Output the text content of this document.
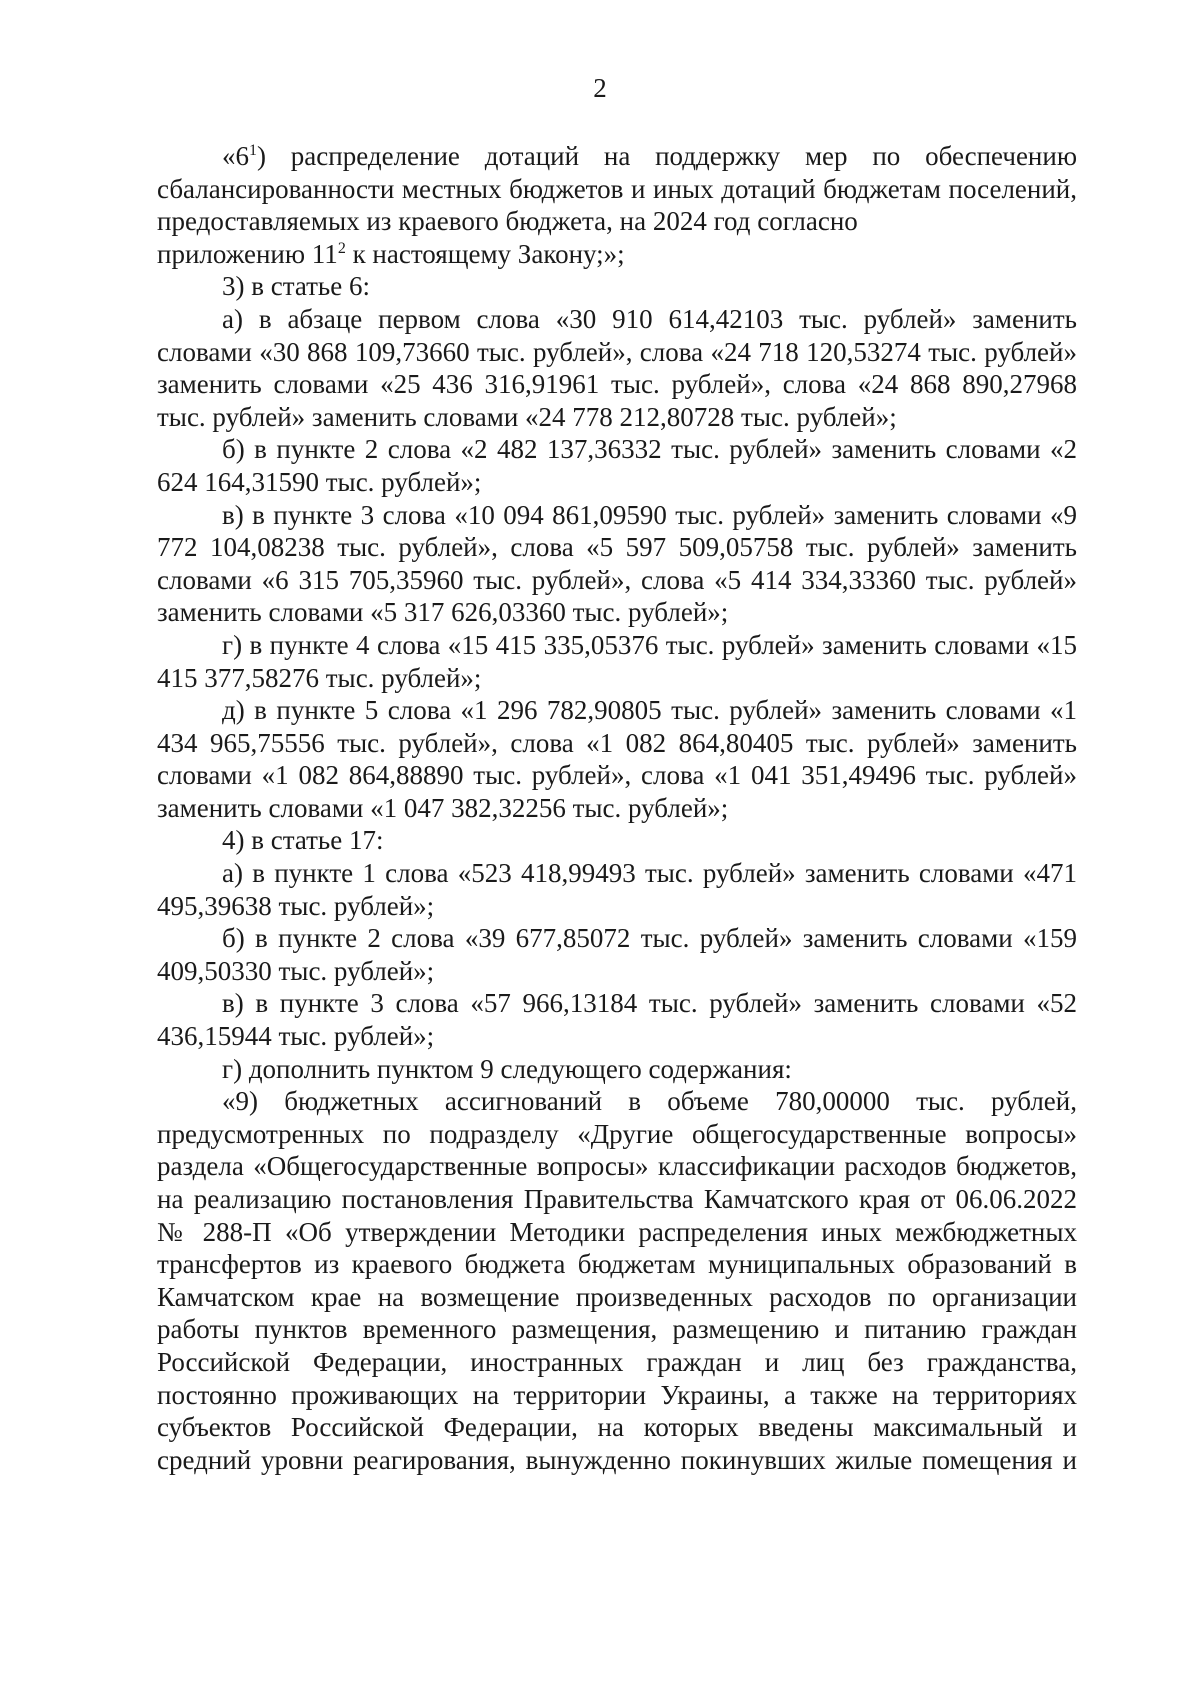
2

«$6^1$) распределение дотаций на поддержку мер по обеспечению сбалансированности местных бюджетов и иных дотаций бюджетам поселений, предоставляемых из краевого бюджета, на 2024 год согласно

приложению $11^2$ к настоящему Закону;»;

3) в статье 6:

а) в абзаце первом слова «30 910 614,42103 тыс. рублей» заменить словами «30 868 109,73660 тыс. рублей», слова «24 718 120,53274 тыс. рублей» заменить словами «25 436 316,91961 тыс. рублей», слова «24 868 890,27968 тыс. рублей» заменить словами «24 778 212,80728 тыс. рублей»;

б) в пункте 2 слова «2 482 137,36332 тыс. рублей» заменить словами «2 624 164,31590 тыс. рублей»;

в) в пункте 3 слова «10 094 861,09590 тыс. рублей» заменить словами «9 772 104,08238 тыс. рублей», слова «5 597 509,05758 тыс. рублей» заменить словами «6 315 705,35960 тыс. рублей», слова «5 414 334,33360 тыс. рублей» заменить словами «5 317 626,03360 тыс. рублей»;

г) в пункте 4 слова «15 415 335,05376 тыс. рублей» заменить словами «15 415 377,58276 тыс. рублей»;

д) в пункте 5 слова «1 296 782,90805 тыс. рублей» заменить словами «1 434 965,75556 тыс. рублей», слова «1 082 864,80405 тыс. рублей» заменить словами «1 082 864,88890 тыс. рублей», слова «1 041 351,49496 тыс. рублей» заменить словами «1 047 382,32256 тыс. рублей»;

4) в статье 17:

а) в пункте 1 слова «523 418,99493 тыс. рублей» заменить словами «471 495,39638 тыс. рублей»;

б) в пункте 2 слова «39 677,85072 тыс. рублей» заменить словами «159 409,50330 тыс. рублей»;

в) в пункте 3 слова «57 966,13184 тыс. рублей» заменить словами «52 436,15944 тыс. рублей»;

г) дополнить пунктом 9 следующего содержания:

«9) бюджетных ассигнований в объеме 780,00000 тыс. рублей, предусмотренных по подразделу «Другие общегосударственные вопросы» раздела «Общегосударственные вопросы» классификации расходов бюджетов, на реализацию постановления Правительства Камчатского края от 06.06.2022 № 288-П «Об утверждении Методики распределения иных межбюджетных трансфертов из краевого бюджета бюджетам муниципальных образований в Камчатском крае на возмещение произведенных расходов по организации работы пунктов временного размещения, размещению и питанию граждан Российской Федерации, иностранных граждан и лиц без гражданства, постоянно проживающих на территории Украины, а также на территориях субъектов Российской Федерации, на которых введены максимальный и средний уровни реагирования, вынужденно покинувших жилые помещения и
